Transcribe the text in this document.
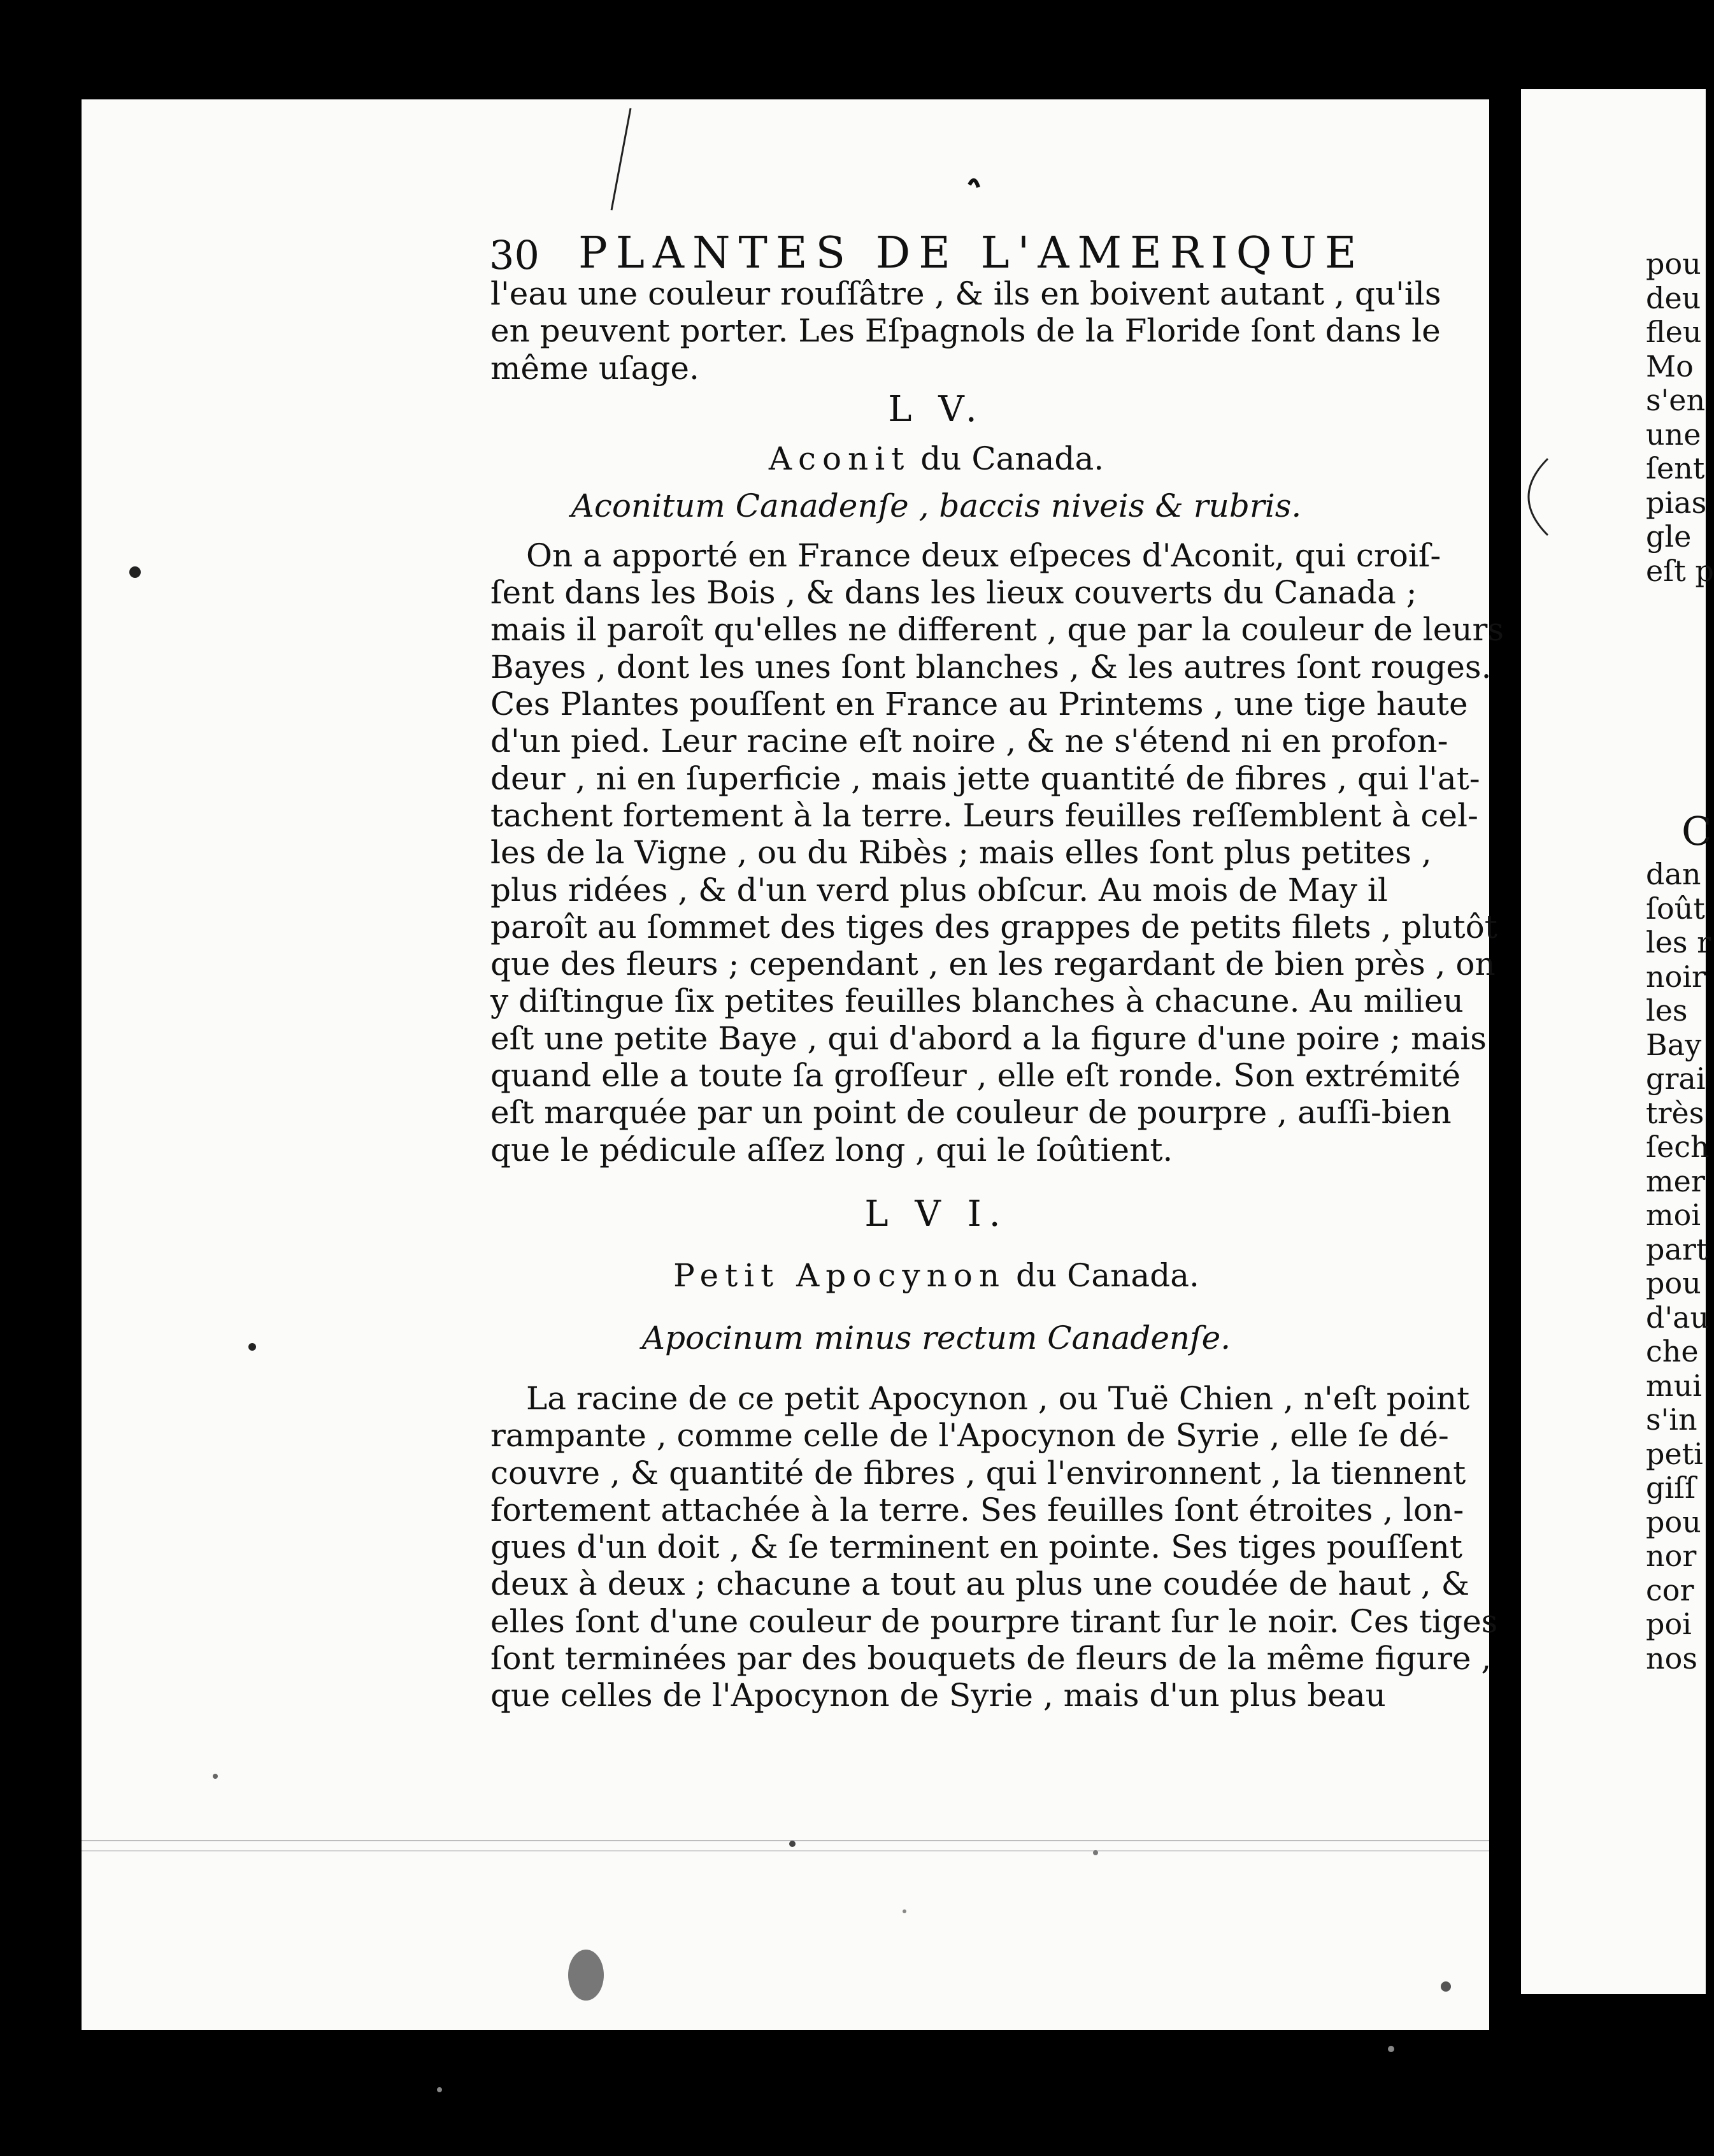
pou
deu
fleu
Mo
s'en
une
ſent
pias
gle
eſt p
C
dan
ſoût
les r
noir
les
Bay
grai
très
ſech
mer
moi
part
pou
d'au
che
mui
s'in
peti
giſſ
pou
nor
cor
poi
nos
30 PLANTES DE L'AMERIQUE
l'eau une couleur rouſſâtre , & ils en boivent autant , qu'ils
en peuvent porter. Les Eſpagnols de la Floride ſont dans le
même uſage.
L V.
Aconit du Canada.
Aconitum Canadenſe , baccis niveis & rubris.
On a apporté en France deux eſpeces d'Aconit, qui croiſ-
ſent dans les Bois , & dans les lieux couverts du Canada ;
mais il paroît qu'elles ne different , que par la couleur de leurs
Bayes , dont les unes ſont blanches , & les autres ſont rouges.
Ces Plantes pouſſent en France au Printems , une tige haute
d'un pied. Leur racine eſt noire , & ne s'étend ni en profon-
deur , ni en ſuperficie , mais jette quantité de fibres , qui l'at-
tachent fortement à la terre. Leurs feuilles reſſemblent à cel-
les de la Vigne , ou du Ribès ; mais elles ſont plus petites ,
plus ridées , & d'un verd plus obſcur. Au mois de May il
paroît au ſommet des tiges des grappes de petits filets , plutôt
que des fleurs ; cependant , en les regardant de bien près , on
y diſtingue ſix petites feuilles blanches à chacune. Au milieu
eſt une petite Baye , qui d'abord a la figure d'une poire ; mais
quand elle a toute ſa groſſeur , elle eſt ronde. Son extrémité
eſt marquée par un point de couleur de pourpre , auſſi-bien
que le pédicule aſſez long , qui le ſoûtient.
L V I.
Petit Apocynon du Canada.
Apocinum minus rectum Canadenſe.
La racine de ce petit Apocynon , ou Tuë Chien , n'eſt point
rampante , comme celle de l'Apocynon de Syrie , elle ſe dé-
couvre , & quantité de fibres , qui l'environnent , la tiennent
fortement attachée à la terre. Ses feuilles ſont étroites , lon-
gues d'un doit , & ſe terminent en pointe. Ses tiges pouſſent
deux à deux ; chacune a tout au plus une coudée de haut , &
elles ſont d'une couleur de pourpre tirant ſur le noir. Ces tiges
ſont terminées par des bouquets de fleurs de la même figure ,
que celles de l'Apocynon de Syrie , mais d'un plus beau
